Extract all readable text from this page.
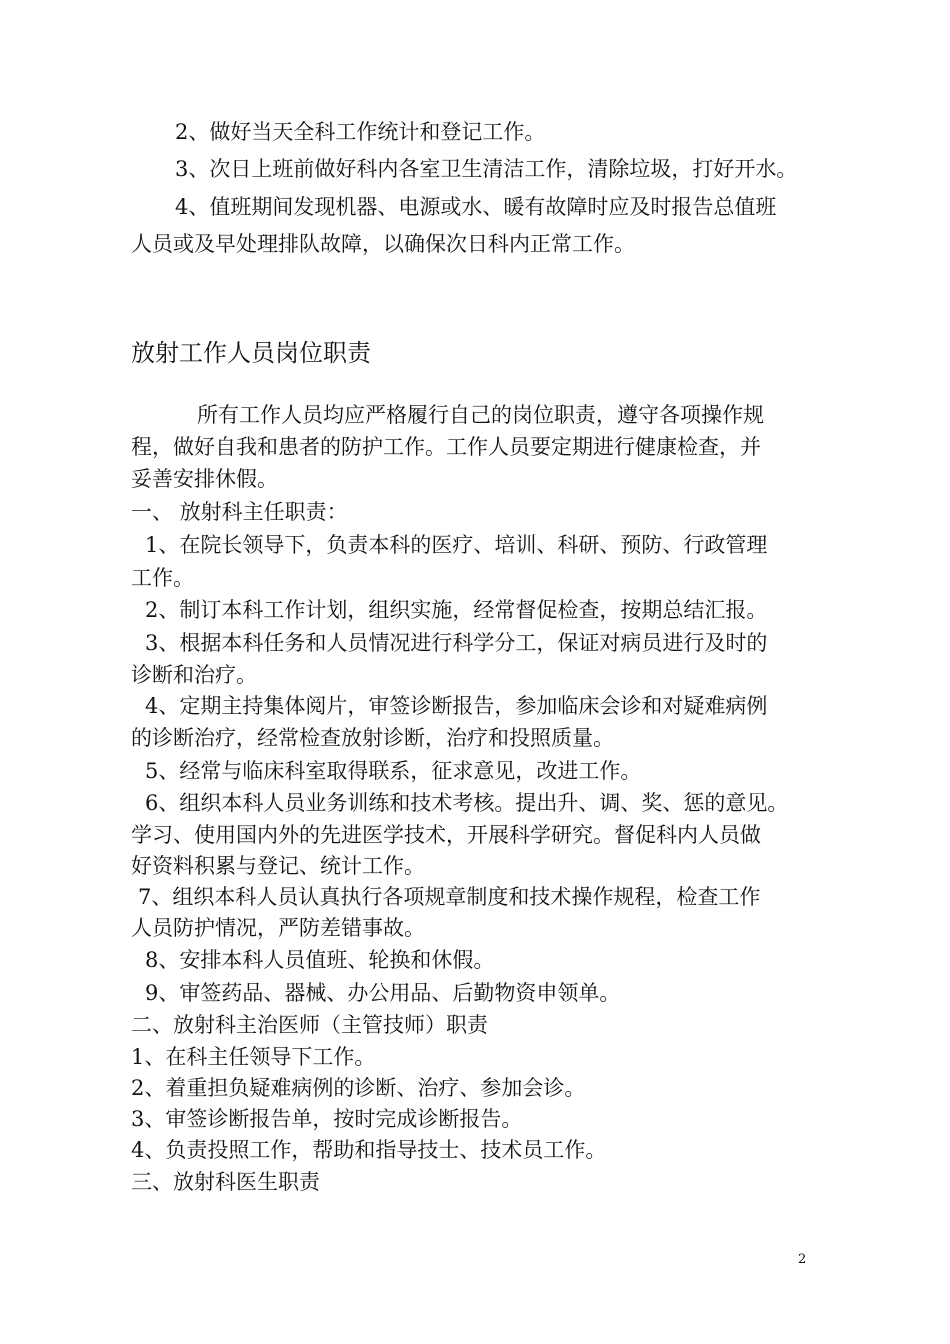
2、做好当天全科工作统计和登记工作。
3、次日上班前做好科内各室卫生清洁工作，清除垃圾，打好开水。
4、值班期间发现机器、电源或水、暖有故障时应及时报告总值班
人员或及早处理排队故障，以确保次日科内正常工作。
放射工作人员岗位职责
所有工作人员均应严格履行自己的岗位职责，遵守各项操作规
程，做好自我和患者的防护工作。工作人员要定期进行健康检查，并
妥善安排休假。
一、 放射科主任职责：
1、在院长领导下，负责本科的医疗、培训、科研、预防、行政管理
工作。
2、制订本科工作计划，组织实施，经常督促检查，按期总结汇报。
3、根据本科任务和人员情况进行科学分工，保证对病员进行及时的
诊断和治疗。
4、定期主持集体阅片，审签诊断报告，参加临床会诊和对疑难病例
的诊断治疗，经常检查放射诊断，治疗和投照质量。
5、经常与临床科室取得联系，征求意见，改进工作。
6、组织本科人员业务训练和技术考核。提出升、调、奖、惩的意见。
学习、使用国内外的先进医学技术，开展科学研究。督促科内人员做
好资料积累与登记、统计工作。
7、组织本科人员认真执行各项规章制度和技术操作规程，检查工作
人员防护情况，严防差错事故。
8、安排本科人员值班、轮换和休假。
9、审签药品、器械、办公用品、后勤物资申领单。
二、放射科主治医师（主管技师）职责
1、在科主任领导下工作。
2、着重担负疑难病例的诊断、治疗、参加会诊。
3、审签诊断报告单，按时完成诊断报告。
4、负责投照工作，帮助和指导技士、技术员工作。
三、放射科医生职责
2
